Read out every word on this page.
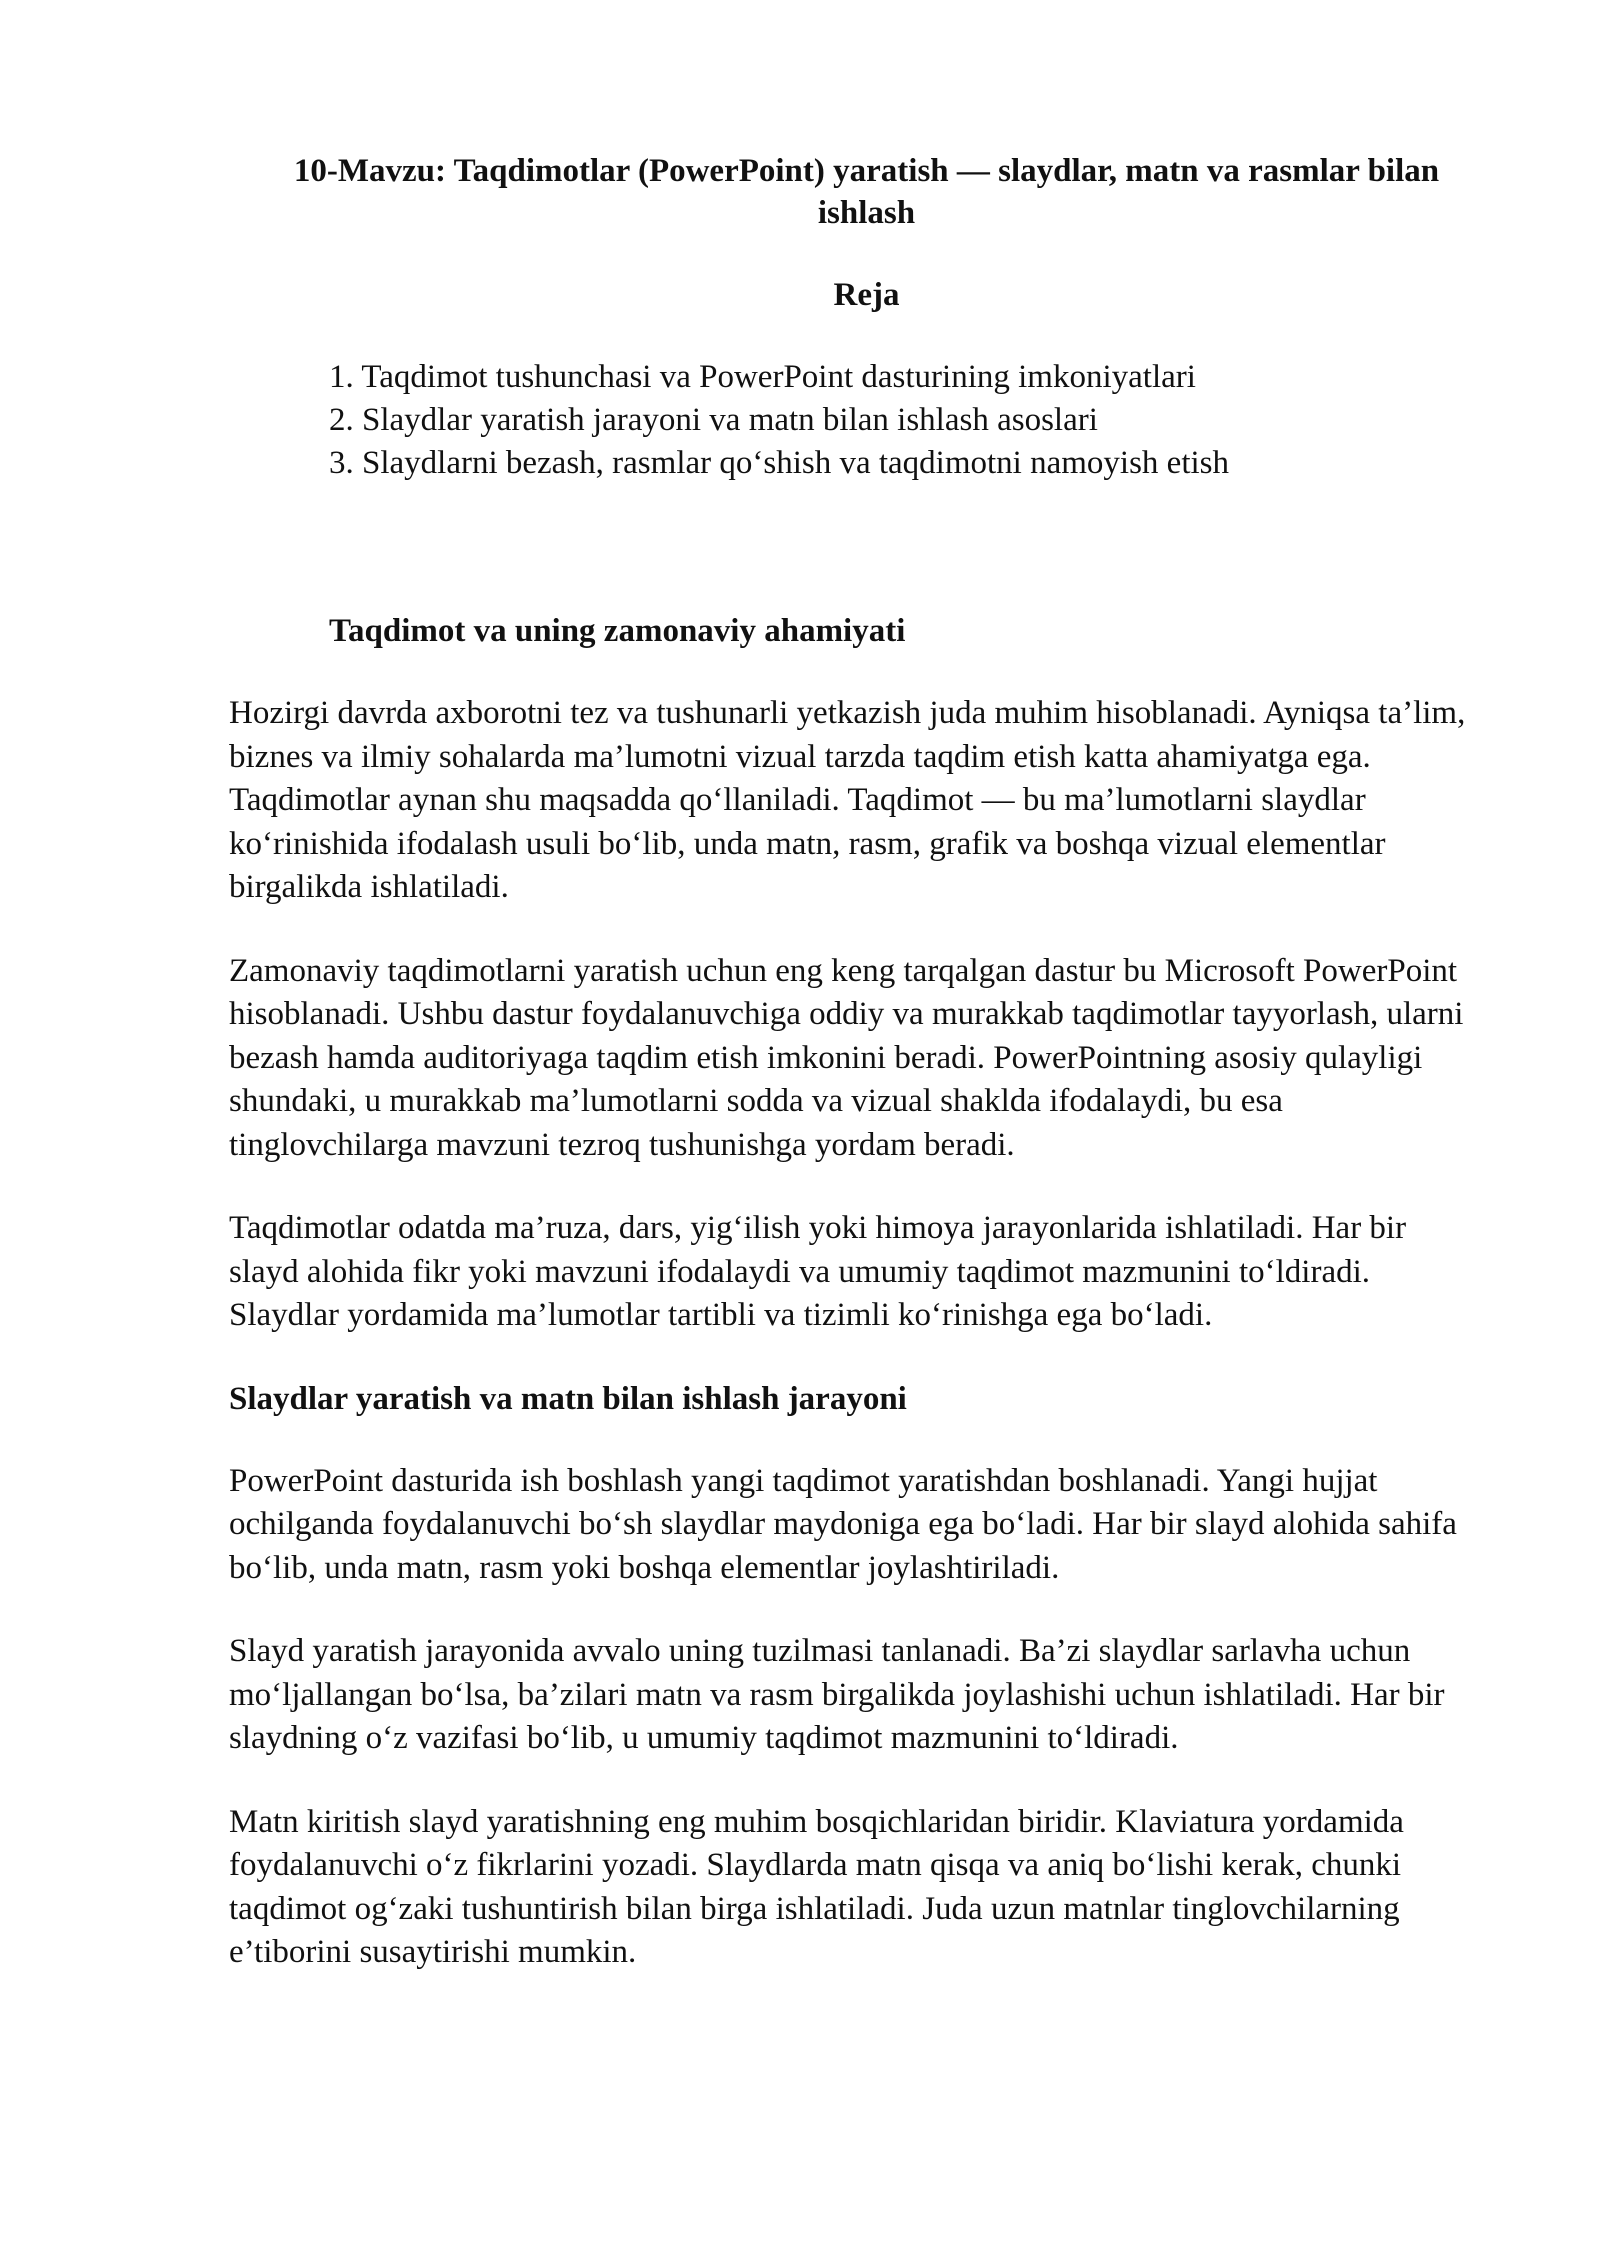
10-Mavzu: Taqdimotlar (PowerPoint) yaratish — slaydlar, matn va rasmlar bilan ishlash

Reja

1. Taqdimot tushunchasi va PowerPoint dasturining imkoniyatlari
2. Slaydlar yaratish jarayoni va matn bilan ishlash asoslari
3. Slaydlarni bezash, rasmlar qo‘shish va taqdimotni namoyish etish

Taqdimot va uning zamonaviy ahamiyati

Hozirgi davrda axborotni tez va tushunarli yetkazish juda muhim hisoblanadi. Ayniqsa ta’lim, biznes va ilmiy sohalarda ma’lumotni vizual tarzda taqdim etish katta ahamiyatga ega. Taqdimotlar aynan shu maqsadda qo‘llaniladi. Taqdimot — bu ma’lumotlarni slaydlar ko‘rinishida ifodalash usuli bo‘lib, unda matn, rasm, grafik va boshqa vizual elementlar birgalikda ishlatiladi.

Zamonaviy taqdimotlarni yaratish uchun eng keng tarqalgan dastur bu Microsoft PowerPoint hisoblanadi. Ushbu dastur foydalanuvchiga oddiy va murakkab taqdimotlar tayyorlash, ularni bezash hamda auditoriyaga taqdim etish imkonini beradi. PowerPointning asosiy qulayligi shundaki, u murakkab ma’lumotlarni sodda va vizual shaklda ifodalaydi, bu esa tinglovchilarga mavzuni tezroq tushunishga yordam beradi.

Taqdimotlar odatda ma’ruza, dars, yig‘ilish yoki himoya jarayonlarida ishlatiladi. Har bir slayd alohida fikr yoki mavzuni ifodalaydi va umumiy taqdimot mazmunini to‘ldiradi. Slaydlar yordamida ma’lumotlar tartibli va tizimli ko‘rinishga ega bo‘ladi.

Slaydlar yaratish va matn bilan ishlash jarayoni

PowerPoint dasturida ish boshlash yangi taqdimot yaratishdan boshlanadi. Yangi hujjat ochilganda foydalanuvchi bo‘sh slaydlar maydoniga ega bo‘ladi. Har bir slayd alohida sahifa bo‘lib, unda matn, rasm yoki boshqa elementlar joylashtiriladi.

Slayd yaratish jarayonida avvalo uning tuzilmasi tanlanadi. Ba’zi slaydlar sarlavha uchun mo‘ljallangan bo‘lsa, ba’zilari matn va rasm birgalikda joylashishi uchun ishlatiladi. Har bir slaydning o‘z vazifasi bo‘lib, u umumiy taqdimot mazmunini to‘ldiradi.

Matn kiritish slayd yaratishning eng muhim bosqichlaridan biridir. Klaviatura yordamida foydalanuvchi o‘z fikrlarini yozadi. Slaydlarda matn qisqa va aniq bo‘lishi kerak, chunki taqdimot og‘zaki tushuntirish bilan birga ishlatiladi. Juda uzun matnlar tinglovchilarning e’tiborini susaytirishi mumkin.
